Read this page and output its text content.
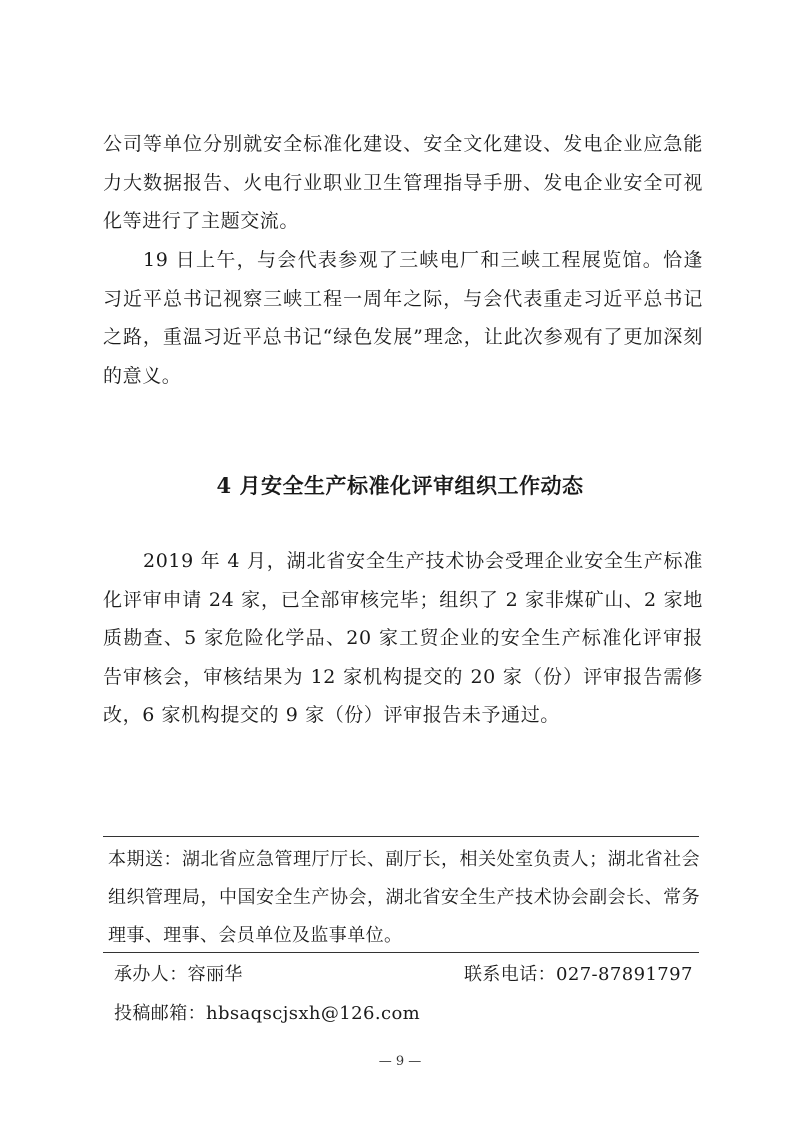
公司等单位分别就安全标准化建设、安全文化建设、发电企业应急能力大数据报告、火电行业职业卫生管理指导手册、发电企业安全可视化等进行了主题交流。

19 日上午，与会代表参观了三峡电厂和三峡工程展览馆。恰逢习近平总书记视察三峡工程一周年之际，与会代表重走习近平总书记之路，重温习近平总书记“绿色发展”理念，让此次参观有了更加深刻的意义。

4 月安全生产标准化评审组织工作动态

2019 年 4 月，湖北省安全生产技术协会受理企业安全生产标准化评审申请 24 家，已全部审核完毕；组织了 2 家非煤矿山、2 家地质勘查、5 家危险化学品、20 家工贸企业的安全生产标准化评审报告审核会，审核结果为 12 家机构提交的 20 家（份）评审报告需修改，6 家机构提交的 9 家（份）评审报告未予通过。

本期送：湖北省应急管理厅厅长、副厅长，相关处室负责人；湖北省社会组织管理局，中国安全生产协会，湖北省安全生产技术协会副会长、常务理事、理事、会员单位及监事单位。
承办人：容丽华	联系电话：027-87891797
投稿邮箱：hbsaqscjsxh@126.com
— 9 —
